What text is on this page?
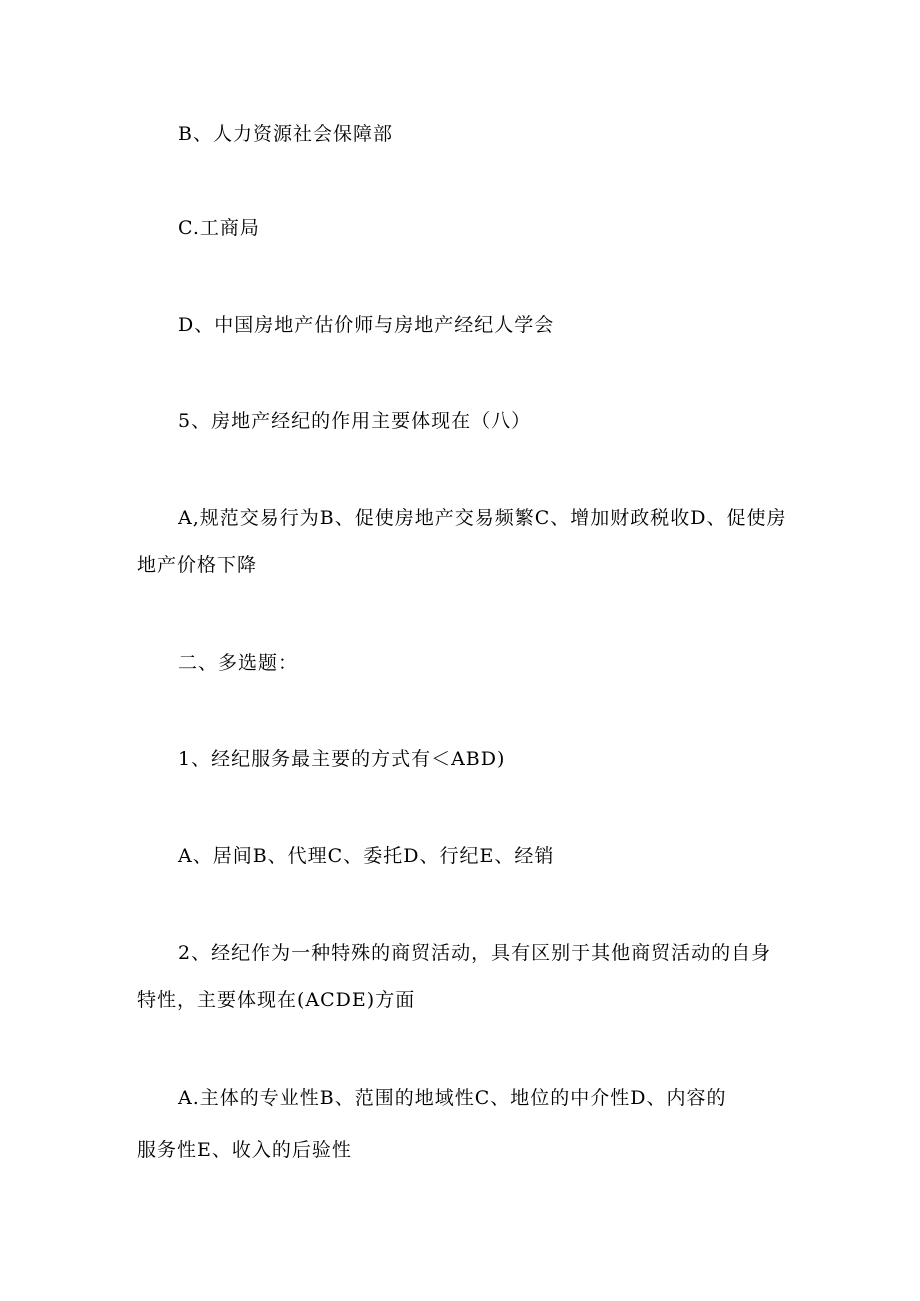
B、人力资源社会保障部
C.工商局
D、中国房地产估价师与房地产经纪人学会
5、房地产经纪的作用主要体现在（八）
A,规范交易行为B、促使房地产交易频繁C、增加财政税收D、促使房
地产价格下降
二、多选题：
1、经纪服务最主要的方式有＜ABD)
A、居间B、代理C、委托D、行纪E、经销
2、经纪作为一种特殊的商贸活动，具有区别于其他商贸活动的自身
特性，主要体现在(ACDE)方面
A.主体的专业性B、范围的地域性C、地位的中介性D、内容的
服务性E、收入的后验性
